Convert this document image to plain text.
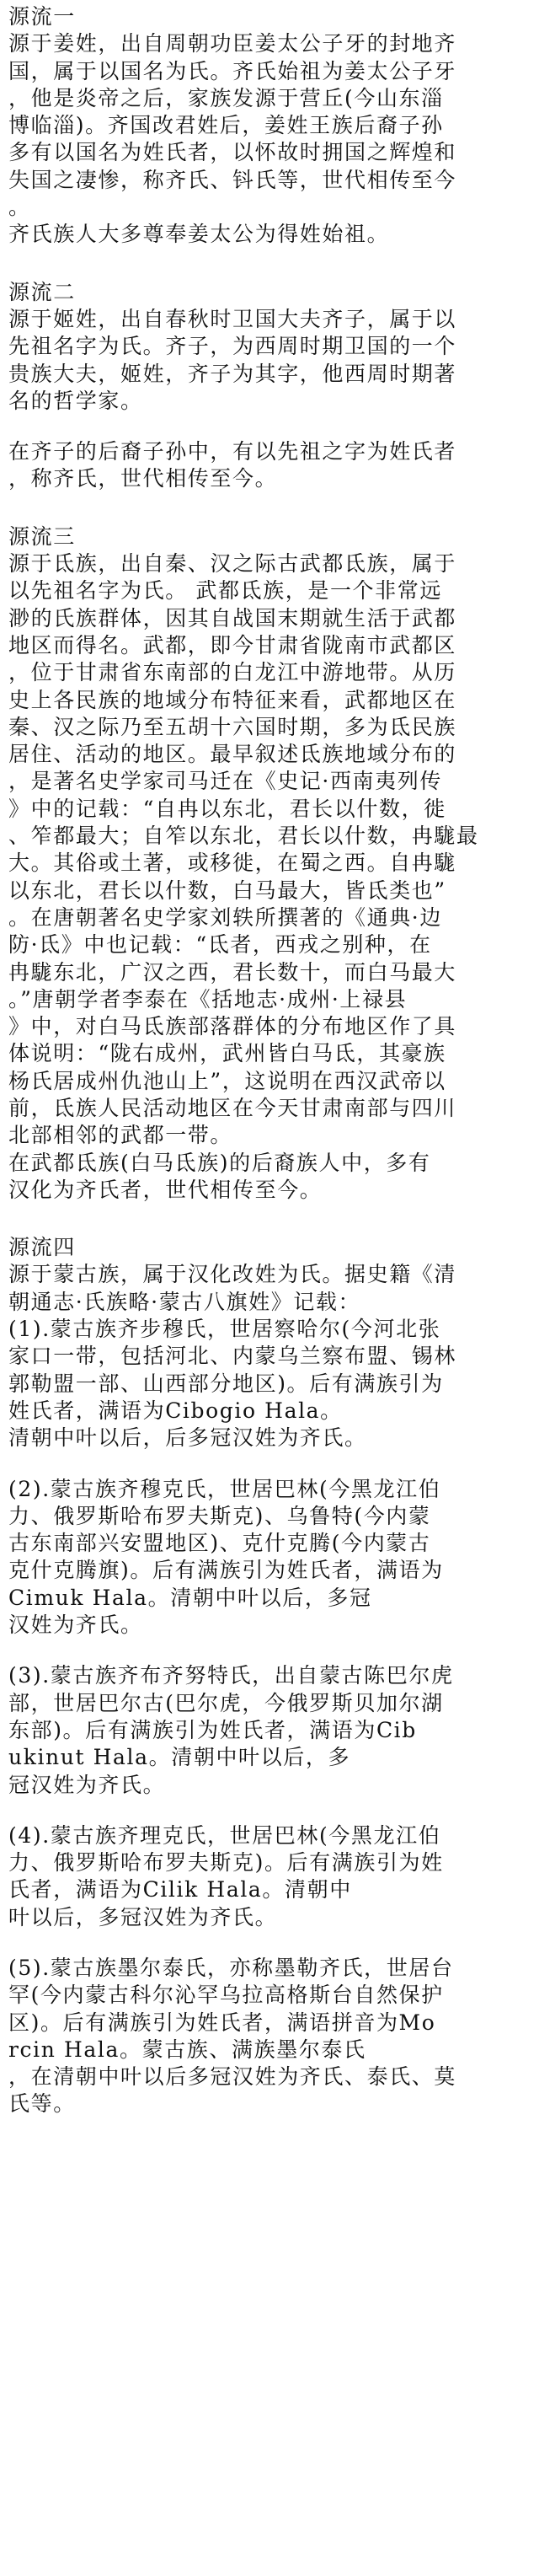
源流一

源于姜姓，出自周朝功臣姜太公子牙的封地齐
国，属于以国名为氏。齐氏始祖为姜太公子牙
，他是炎帝之后，家族发源于营丘(今山东淄
博临淄)。齐国改君姓后，姜姓王族后裔子孙
多有以国名为姓氏者，以怀故时拥国之辉煌和
失国之凄惨，称齐氏、钭氏等，世代相传至今
。

齐氏族人大多尊奉姜太公为得姓始祖。

源流二

源于姬姓，出自春秋时卫国大夫齐子，属于以
先祖名字为氏。齐子，为西周时期卫国的一个
贵族大夫，姬姓，齐子为其字，他西周时期著
名的哲学家。

在齐子的后裔子孙中，有以先祖之字为姓氏者
，称齐氏，世代相传至今。

源流三

源于氐族，出自秦、汉之际古武都氐族，属于
以先祖名字为氏。 武都氐族，是一个非常远
渺的氏族群体，因其自战国末期就生活于武都
地区而得名。武都，即今甘肃省陇南市武都区
，位于甘肃省东南部的白龙江中游地带。从历
史上各民族的地域分布特征来看，武都地区在
秦、汉之际乃至五胡十六国时期，多为氐民族
居住、活动的地区。最早叙述氐族地域分布的
，是著名史学家司马迁在《史记·西南夷列传
》中的记载：“自冉以东北，君长以什数，徙
、笮都最大；自笮以东北，君长以什数，冉駹最
大。其俗或土著，或移徙，在蜀之西。自冉駹
以东北，君长以什数，白马最大，皆氐类也”
。在唐朝著名史学家刘轶所撰著的《通典·边
防·氐》中也记载：“氐者，西戎之别种，在
冉駹东北，广汉之西，君长数十，而白马最大
。”唐朝学者李泰在《括地志·成州·上禄县
》中，对白马氐族部落群体的分布地区作了具
体说明：“陇右成州，武州皆白马氐，其豪族
杨氏居成州仇池山上”，这说明在西汉武帝以
前，氐族人民活动地区在今天甘肃南部与四川
北部相邻的武都一带。

在武都氐族(白马氐族)的后裔族人中，多有
汉化为齐氏者，世代相传至今。

源流四

源于蒙古族，属于汉化改姓为氏。据史籍《清
朝通志·氏族略·蒙古八旗姓》记载：
(1).蒙古族齐步穆氏，世居察哈尔(今河北张
家口一带，包括河北、内蒙乌兰察布盟、锡林
郭勒盟一部、山西部分地区)。后有满族引为
姓氏者，满语为Cibogio Hala。
清朝中叶以后，后多冠汉姓为齐氏。

(2).蒙古族齐穆克氏，世居巴林(今黑龙江伯
力、俄罗斯哈布罗夫斯克)、乌鲁特(今内蒙
古东南部兴安盟地区)、克什克腾(今内蒙古
克什克腾旗)。后有满族引为姓氏者，满语为
Cimuk Hala。清朝中叶以后，多冠
汉姓为齐氏。

(3).蒙古族齐布齐努特氏，出自蒙古陈巴尔虎
部，世居巴尔古(巴尔虎，今俄罗斯贝加尔湖
东部)。后有满族引为姓氏者，满语为Cib
ukinut Hala。清朝中叶以后，多
冠汉姓为齐氏。

(4).蒙古族齐理克氏，世居巴林(今黑龙江伯
力、俄罗斯哈布罗夫斯克)。后有满族引为姓
氏者，满语为Cilik Hala。清朝中
叶以后，多冠汉姓为齐氏。

(5).蒙古族墨尔泰氏，亦称墨勒齐氏，世居台
罕(今内蒙古科尔沁罕乌拉高格斯台自然保护
区)。后有满族引为姓氏者，满语拼音为Mo
rcin Hala。蒙古族、满族墨尔泰氏
，在清朝中叶以后多冠汉姓为齐氏、泰氏、莫
氏等。
